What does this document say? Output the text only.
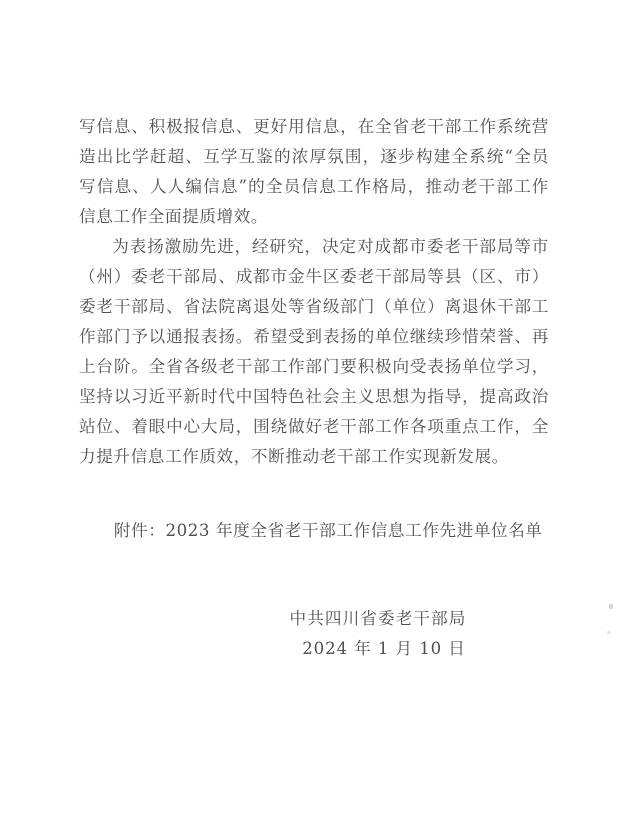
写信息、积极报信息、更好用信息，在全省老干部工作系统营造出比学赶超、互学互鉴的浓厚氛围，逐步构建全系统“全员写信息、人人编信息”的全员信息工作格局，推动老干部工作信息工作全面提质增效。

为表扬激励先进，经研究，决定对成都市委老干部局等市（州）委老干部局、成都市金牛区委老干部局等县（区、市）委老干部局、省法院离退处等省级部门（单位）离退休干部工作部门予以通报表扬。希望受到表扬的单位继续珍惜荣誉、再上台阶。全省各级老干部工作部门要积极向受表扬单位学习，坚持以习近平新时代中国特色社会主义思想为指导，提高政治站位、着眼中心大局，围绕做好老干部工作各项重点工作，全力提升信息工作质效，不断推动老干部工作实现新发展。

附件：2023 年度全省老干部工作信息工作先进单位名单

中共四川省委老干部局

2024 年 1 月 10 日
